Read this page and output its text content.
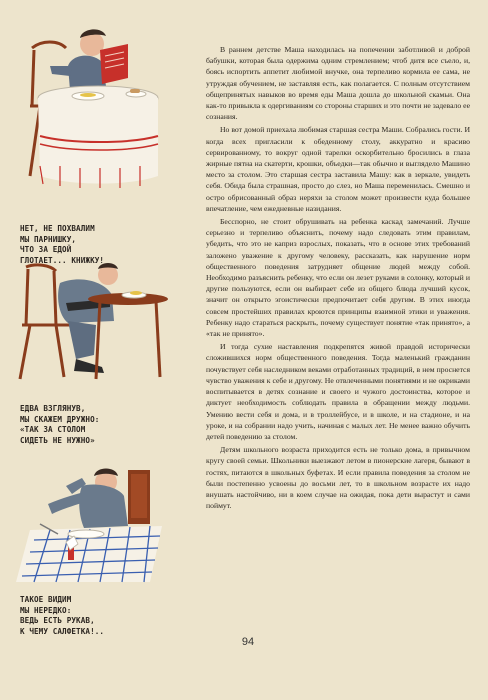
НЕТ, НЕ ПОХВАЛИМ
МЫ ПАРНИШКУ,
ЧТО ЗА ЕДОЙ
ГЛОТАЕТ... КНИЖКУ!

ЕДВА ВЗГЛЯНУВ,
МЫ СКАЖЕМ ДРУЖНО:
«ТАК ЗА СТОЛОМ
СИДЕТЬ НЕ НУЖНО»

ТАКОЕ ВИДИМ
МЫ НЕРЕДКО:
ВЕДЬ ЕСТЬ РУКАВ,
К ЧЕМУ САЛФЕТКА!..

В раннем детстве Маша находилась на попечении заботливой и доброй бабушки, которая была одержима одним стремлением; чтоб дитя все съело, и, боясь испортить аппетит любимой внучке, она терпеливо кормила ее сама, не утруждая обучением, не заставляя есть, как полагается. С полным отсутствием общепринятых навыков во время еды Маша дошла до школьной скамьи. Она как-то привыкла к одергиваниям со стороны старших и это почти не задевало ее сознания.

Но вот домой приехала любимая старшая сестра Маши. Собрались гости. И когда всех пригласили к обеденному столу, аккуратно и красиво сервированному, то вокруг одной тарелки оскорбительно бросились в глаза жирные пятна на скатерти, крошки, объедки—так обычно и выглядело Машино место за столом. Это старшая сестра заставила Машу: как в зеркале, увидеть себя. Обида была страшная, просто до слез, но Маша переменилась. Смешно и остро обрисованный образ неряхи за столом может произвести куда большее впечатление, чем ежедневные назидания.

Бесспорно, не стоит обрушивать на ребенка каскад замечаний. Лучше серьезно и терпеливо объяснить, почему надо следовать этим правилам, убедить, что это не каприз взрослых, показать, что в основе этих требований заложено уважение к другому человеку, рассказать, как нарушение норм общественного поведения затрудняет общение людей между собой. Необходимо разъяснить ребенку, что если он лезет руками в солонку, который и другие пользуются, если он выбирает себе из общего блюда лучший кусок, значит он открыто эгоистически предпочитает себя другим. В этих иногда совсем простейших правилах кроются принципы взаимной этики и уважения. Ребенку надо стараться раскрыть, почему существует понятие «так принято», а «так не принято».

И тогда сухие наставления подкрепятся живой правдой исторически сложившихся норм общественного поведения. Тогда маленький гражданин почувствует себя наследником веками отработанных традиций, в нем проснется чувство уважения к себе и другому. Не отвлеченными понятиями и не окриками воспитывается в детях сознание и своего и чужого достоинства, которое и диктует необходимость соблюдать правила в обращении между людьми. Умению вести себя и дома, и в троллейбусе, и в школе, и на стадионе, и на уроке, и на собрании надо учить, начиная с малых лет. Не менее важно обучить детей поведению за столом.

Детям школьного возраста приходится есть не только дома, в привычном кругу своей семьи. Школьники выезжают летом в пионерские лагеря, бывают в гостях, питаются в школьных буфетах. И если правила поведения за столом не были постепенно усвоены до восьми лет, то в школьном возрасте их надо внушать настойчиво, ни в коем случае на ожидая, пока дети вырастут и сами поймут.

94
